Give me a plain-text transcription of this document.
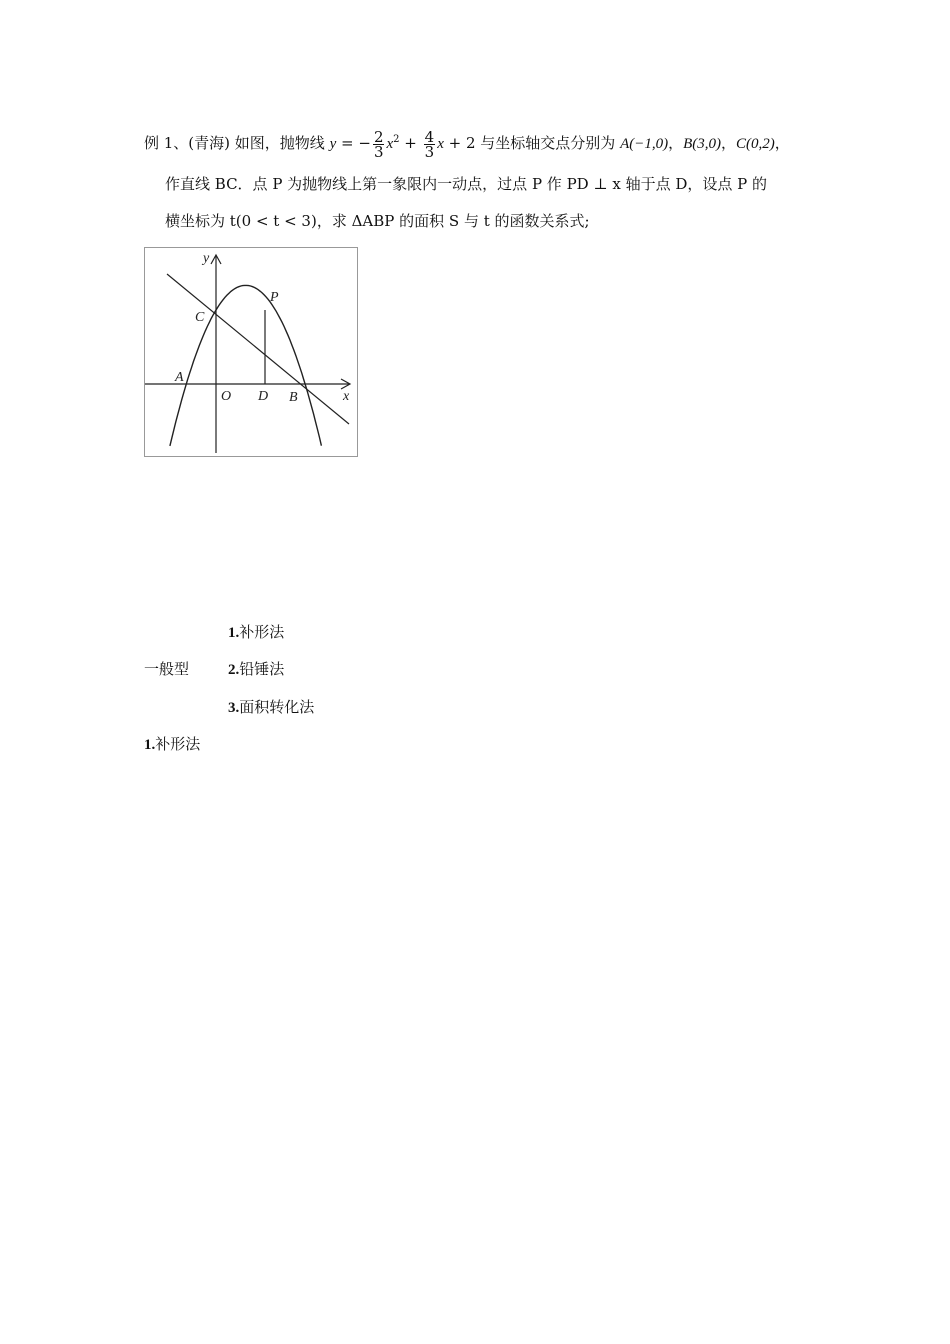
例 1、(青海) 如图，抛物线 y = − $\frac{2}{3} x^2 + \frac{4}{3}$ x + 2 与坐标轴交点分别为 A(−1,0)，B(3,0)，C(0,2)，
作直线 BC．点 P 为抛物线上第一象限内一动点，过点 P 作 PD ⊥ x 轴于点 D，设点 P 的
横坐标为 t(0 < t < 3)，求 ΔABP 的面积 S 与 t 的函数关系式;
y
x
O
A
B
C
D
P
1.补形法
一般型	2.铅锤法
3.面积转化法
1.补形法
